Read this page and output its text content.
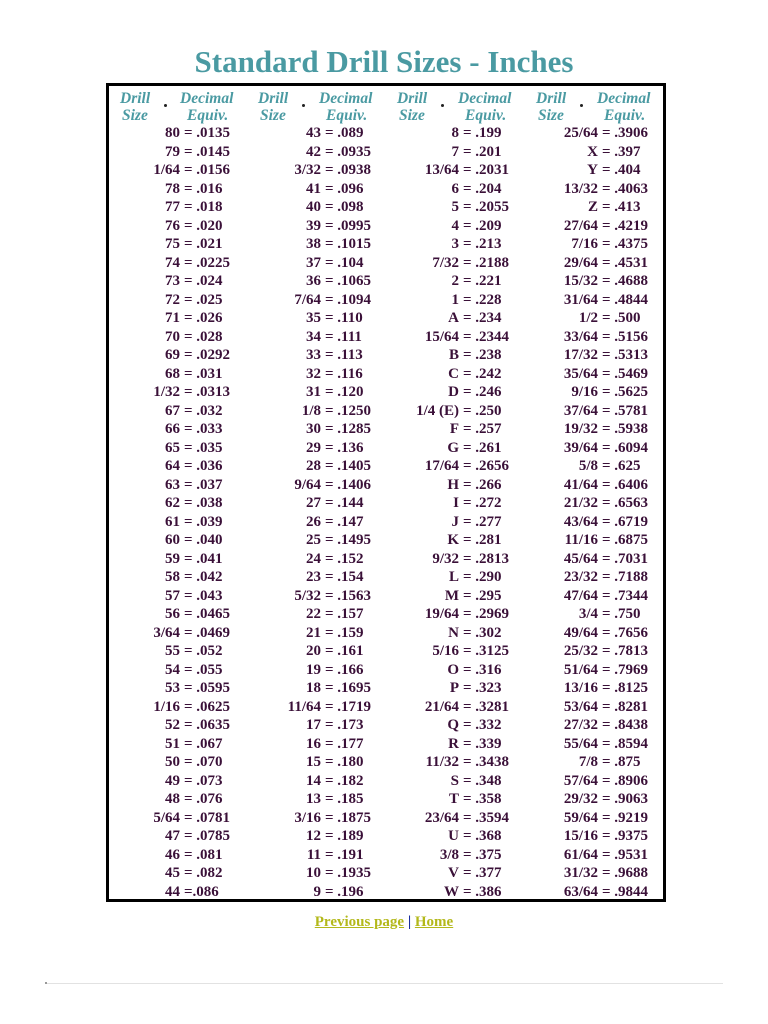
Standard Drill Sizes - Inches
Drill
Size
Decimal
Equiv.
80 = .0135
79 = .0145
1/64 = .0156
78 = .016
77 = .018
76 = .020
75 = .021
74 = .0225
73 = .024
72 = .025
71 = .026
70 = .028
69 = .0292
68 = .031
1/32 = .0313
67 = .032
66 = .033
65 = .035
64 = .036
63 = .037
62 = .038
61 = .039
60 = .040
59 = .041
58 = .042
57 = .043
56 = .0465
3/64 = .0469
55 = .052
54 = .055
53 = .0595
1/16 = .0625
52 = .0635
51 = .067
50 = .070
49 = .073
48 = .076
5/64 = .0781
47 = .0785
46 = .081
45 = .082
44 =.086
Drill
Size
Decimal
Equiv.
43 = .089
42 = .0935
3/32 = .0938
41 = .096
40 = .098
39 = .0995
38 = .1015
37 = .104
36 = .1065
7/64 = .1094
35 = .110
34 = .111
33 = .113
32 = .116
31 = .120
1/8 = .1250
30 = .1285
29 = .136
28 = .1405
9/64 = .1406
27 = .144
26 = .147
25 = .1495
24 = .152
23 = .154
5/32 = .1563
22 = .157
21 = .159
20 = .161
19 = .166
18 = .1695
11/64 = .1719
17 = .173
16 = .177
15 = .180
14 = .182
13 = .185
3/16 = .1875
12 = .189
11 = .191
10 = .1935
9 = .196
Drill
Size
Decimal
Equiv.
8 = .199
7 = .201
13/64 = .2031
6 = .204
5 = .2055
4 = .209
3 = .213
7/32 = .2188
2 = .221
1 = .228
A = .234
15/64 = .2344
B = .238
C = .242
D = .246
1/4 (E) = .250
F = .257
G = .261
17/64 = .2656
H = .266
I = .272
J = .277
K = .281
9/32 = .2813
L = .290
M = .295
19/64 = .2969
N = .302
5/16 = .3125
O = .316
P = .323
21/64 = .3281
Q = .332
R = .339
11/32 = .3438
S = .348
T = .358
23/64 = .3594
U = .368
3/8 = .375
V = .377
W = .386
Drill
Size
Decimal
Equiv.
25/64 = .3906
X = .397
Y = .404
13/32 = .4063
Z = .413
27/64 = .4219
7/16 = .4375
29/64 = .4531
15/32 = .4688
31/64 = .4844
1/2 = .500
33/64 = .5156
17/32 = .5313
35/64 = .5469
9/16 = .5625
37/64 = .5781
19/32 = .5938
39/64 = .6094
5/8 = .625
41/64 = .6406
21/32 = .6563
43/64 = .6719
11/16 = .6875
45/64 = .7031
23/32 = .7188
47/64 = .7344
3/4 = .750
49/64 = .7656
25/32 = .7813
51/64 = .7969
13/16 = .8125
53/64 = .8281
27/32 = .8438
55/64 = .8594
7/8 = .875
57/64 = .8906
29/32 = .9063
59/64 = .9219
15/16 = .9375
61/64 = .9531
31/32 = .9688
63/64 = .9844
Previous page | Home
